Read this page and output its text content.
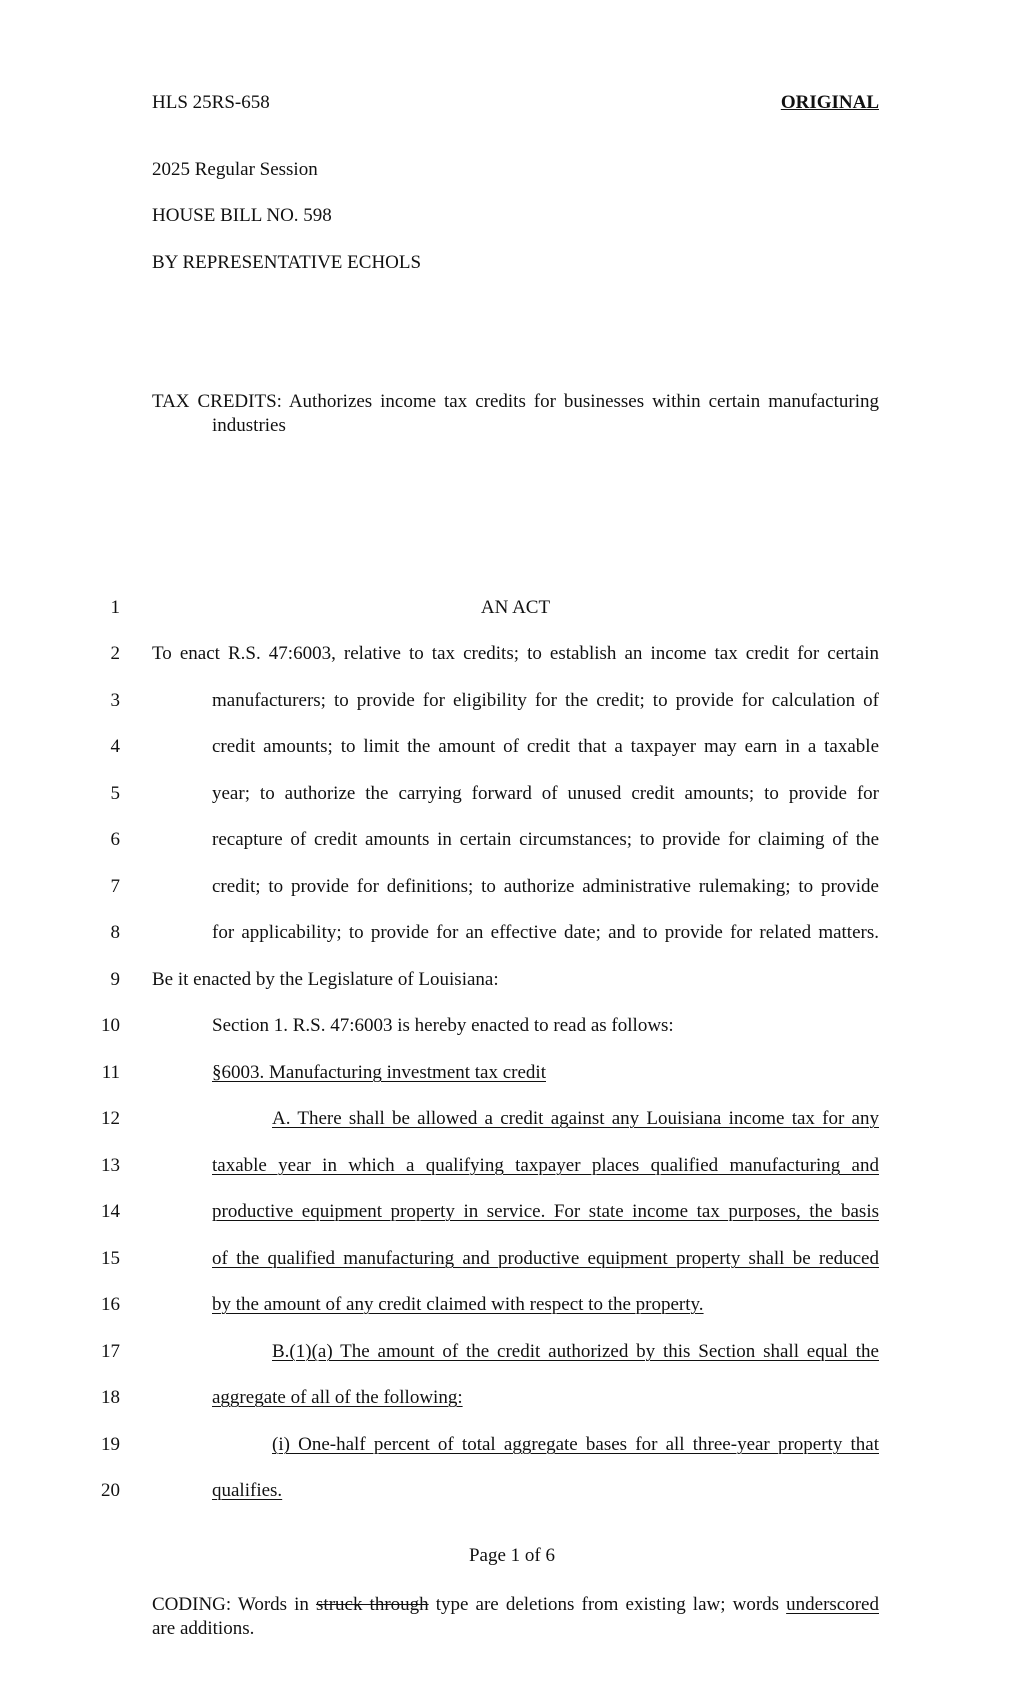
HLS 25RS-658	ORIGINAL
2025 Regular Session
HOUSE BILL NO. 598
BY REPRESENTATIVE ECHOLS
TAX CREDITS: Authorizes income tax credits for businesses within certain manufacturing
industries
1	AN ACT
2 To enact R.S. 47:6003, relative to tax credits; to establish an income tax credit for certain
3	manufacturers; to provide for eligibility for the credit; to provide for calculation of
4	credit amounts; to limit the amount of credit that a taxpayer may earn in a taxable
5	year; to authorize the carrying forward of unused credit amounts; to provide for
6	recapture of credit amounts in certain circumstances; to provide for claiming of the
7	credit; to provide for definitions; to authorize administrative rulemaking; to provide
8	for applicability; to provide for an effective date; and to provide for related matters.
9 Be it enacted by the Legislature of Louisiana:
10	Section 1. R.S. 47:6003 is hereby enacted to read as follows:
11	§6003. Manufacturing investment tax credit
12	A. There shall be allowed a credit against any Louisiana income tax for any
13	taxable year in which a qualifying taxpayer places qualified manufacturing and
14	productive equipment property in service. For state income tax purposes, the basis
15	of the qualified manufacturing and productive equipment property shall be reduced
16	by the amount of any credit claimed with respect to the property.
17	B.(1)(a) The amount of the credit authorized by this Section shall equal the
18	aggregate of all of the following:
19	(i) One-half percent of total aggregate bases for all three-year property that
20	qualifies.
Page 1 of 6
CODING: Words in struck through type are deletions from existing law; words underscored
are additions.
